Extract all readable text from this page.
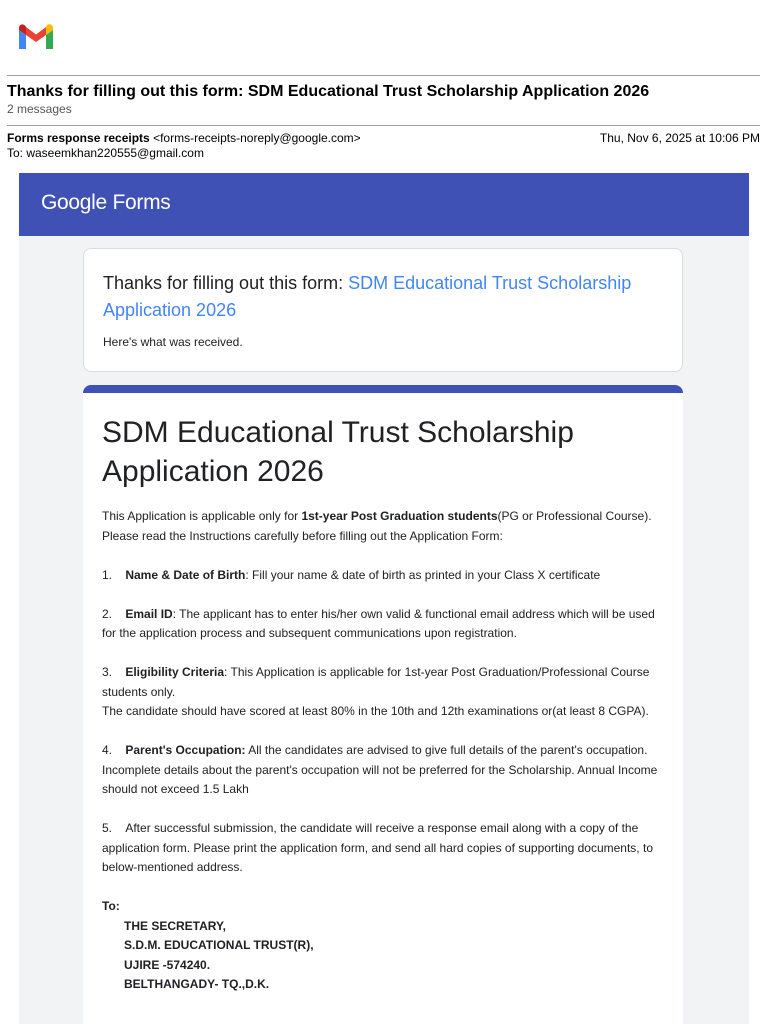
Thanks for filling out this form: SDM Educational Trust Scholarship Application 2026
2 messages
Forms response receipts <forms-receipts-noreply@google.com>
To: waseemkhan220555@gmail.com
Thu, Nov 6, 2025 at 10:06 PM
Google Forms
Thanks for filling out this form: SDM Educational Trust Scholarship Application 2026
Here's what was received.
SDM Educational Trust Scholarship Application 2026

This Application is applicable only for 1st-year Post Graduation students(PG or Professional Course). Please read the Instructions carefully before filling out the Application Form:

1.    Name & Date of Birth: Fill your name & date of birth as printed in your Class X certificate

2.    Email ID: The applicant has to enter his/her own valid & functional email address which will be used for the application process and subsequent communications upon registration.

3.    Eligibility Criteria: This Application is applicable for 1st-year Post Graduation/Professional Course students only.

The candidate should have scored at least 80% in the 10th and 12th examinations or(at least 8 CGPA).

4.    Parent's Occupation: All the candidates are advised to give full details of the parent's occupation. Incomplete details about the parent's occupation will not be preferred for the Scholarship. Annual Income should not exceed 1.5 Lakh

5.    After successful submission, the candidate will receive a response email along with a copy of the application form. Please print the application form, and send all hard copies of supporting documents, to below-mentioned address.

To:

THE SECRETARY,

S.D.M. EDUCATIONAL TRUST(R),

UJIRE -574240.

BELTHANGADY- TQ.,D.K.
